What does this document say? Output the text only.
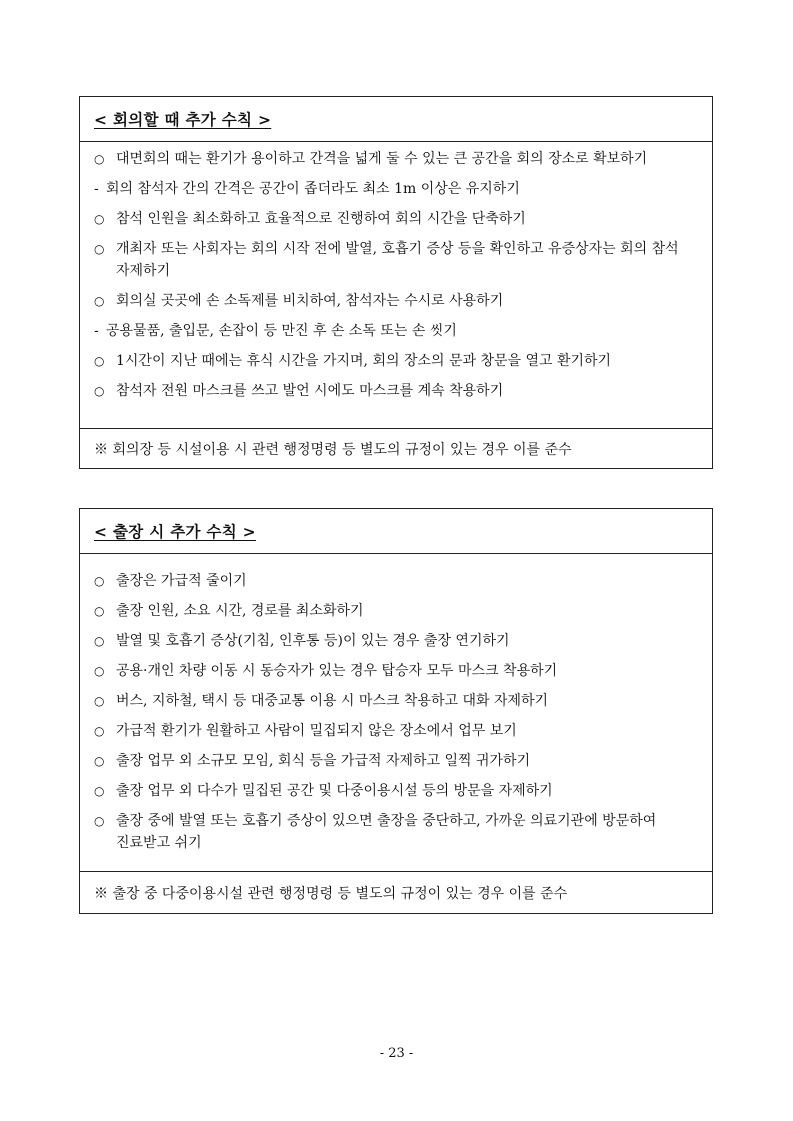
< 회의할 때 추가 수칙 >
○ 대면회의 때는 환기가 용이하고 간격을 넓게 둘 수 있는 큰 공간을 회의 장소로 확보하기
- 회의 참석자 간의 간격은 공간이 좁더라도 최소 1m 이상은 유지하기
○ 참석 인원을 최소화하고 효율적으로 진행하여 회의 시간을 단축하기
○ 개최자 또는 사회자는 회의 시작 전에 발열, 호흡기 증상 등을 확인하고 유증상자는 회의 참석 자제하기
○ 회의실 곳곳에 손 소독제를 비치하여, 참석자는 수시로 사용하기
- 공용물품, 출입문, 손잡이 등 만진 후 손 소독 또는 손 씻기
○ 1시간이 지난 때에는 휴식 시간을 가지며, 회의 장소의 문과 창문을 열고 환기하기
○ 참석자 전원 마스크를 쓰고 발언 시에도 마스크를 계속 착용하기
※ 회의장 등 시설이용 시 관련 행정명령 등 별도의 규정이 있는 경우 이를 준수
< 출장 시 추가 수칙 >
○ 출장은 가급적 줄이기
○ 출장 인원, 소요 시간, 경로를 최소화하기
○ 발열 및 호흡기 증상(기침, 인후통 등)이 있는 경우 출장 연기하기
○ 공용·개인 차량 이동 시 동승자가 있는 경우 탑승자 모두 마스크 착용하기
○ 버스, 지하철, 택시 등 대중교통 이용 시 마스크 착용하고 대화 자제하기
○ 가급적 환기가 원활하고 사람이 밀집되지 않은 장소에서 업무 보기
○ 출장 업무 외 소규모 모임, 회식 등을 가급적 자제하고 일찍 귀가하기
○ 출장 업무 외 다수가 밀집된 공간 및 다중이용시설 등의 방문을 자제하기
○ 출장 중에 발열 또는 호흡기 증상이 있으면 출장을 중단하고, 가까운 의료기관에 방문하여 진료받고 쉬기
※ 출장 중 다중이용시설 관련 행정명령 등 별도의 규정이 있는 경우 이를 준수
- 23 -
